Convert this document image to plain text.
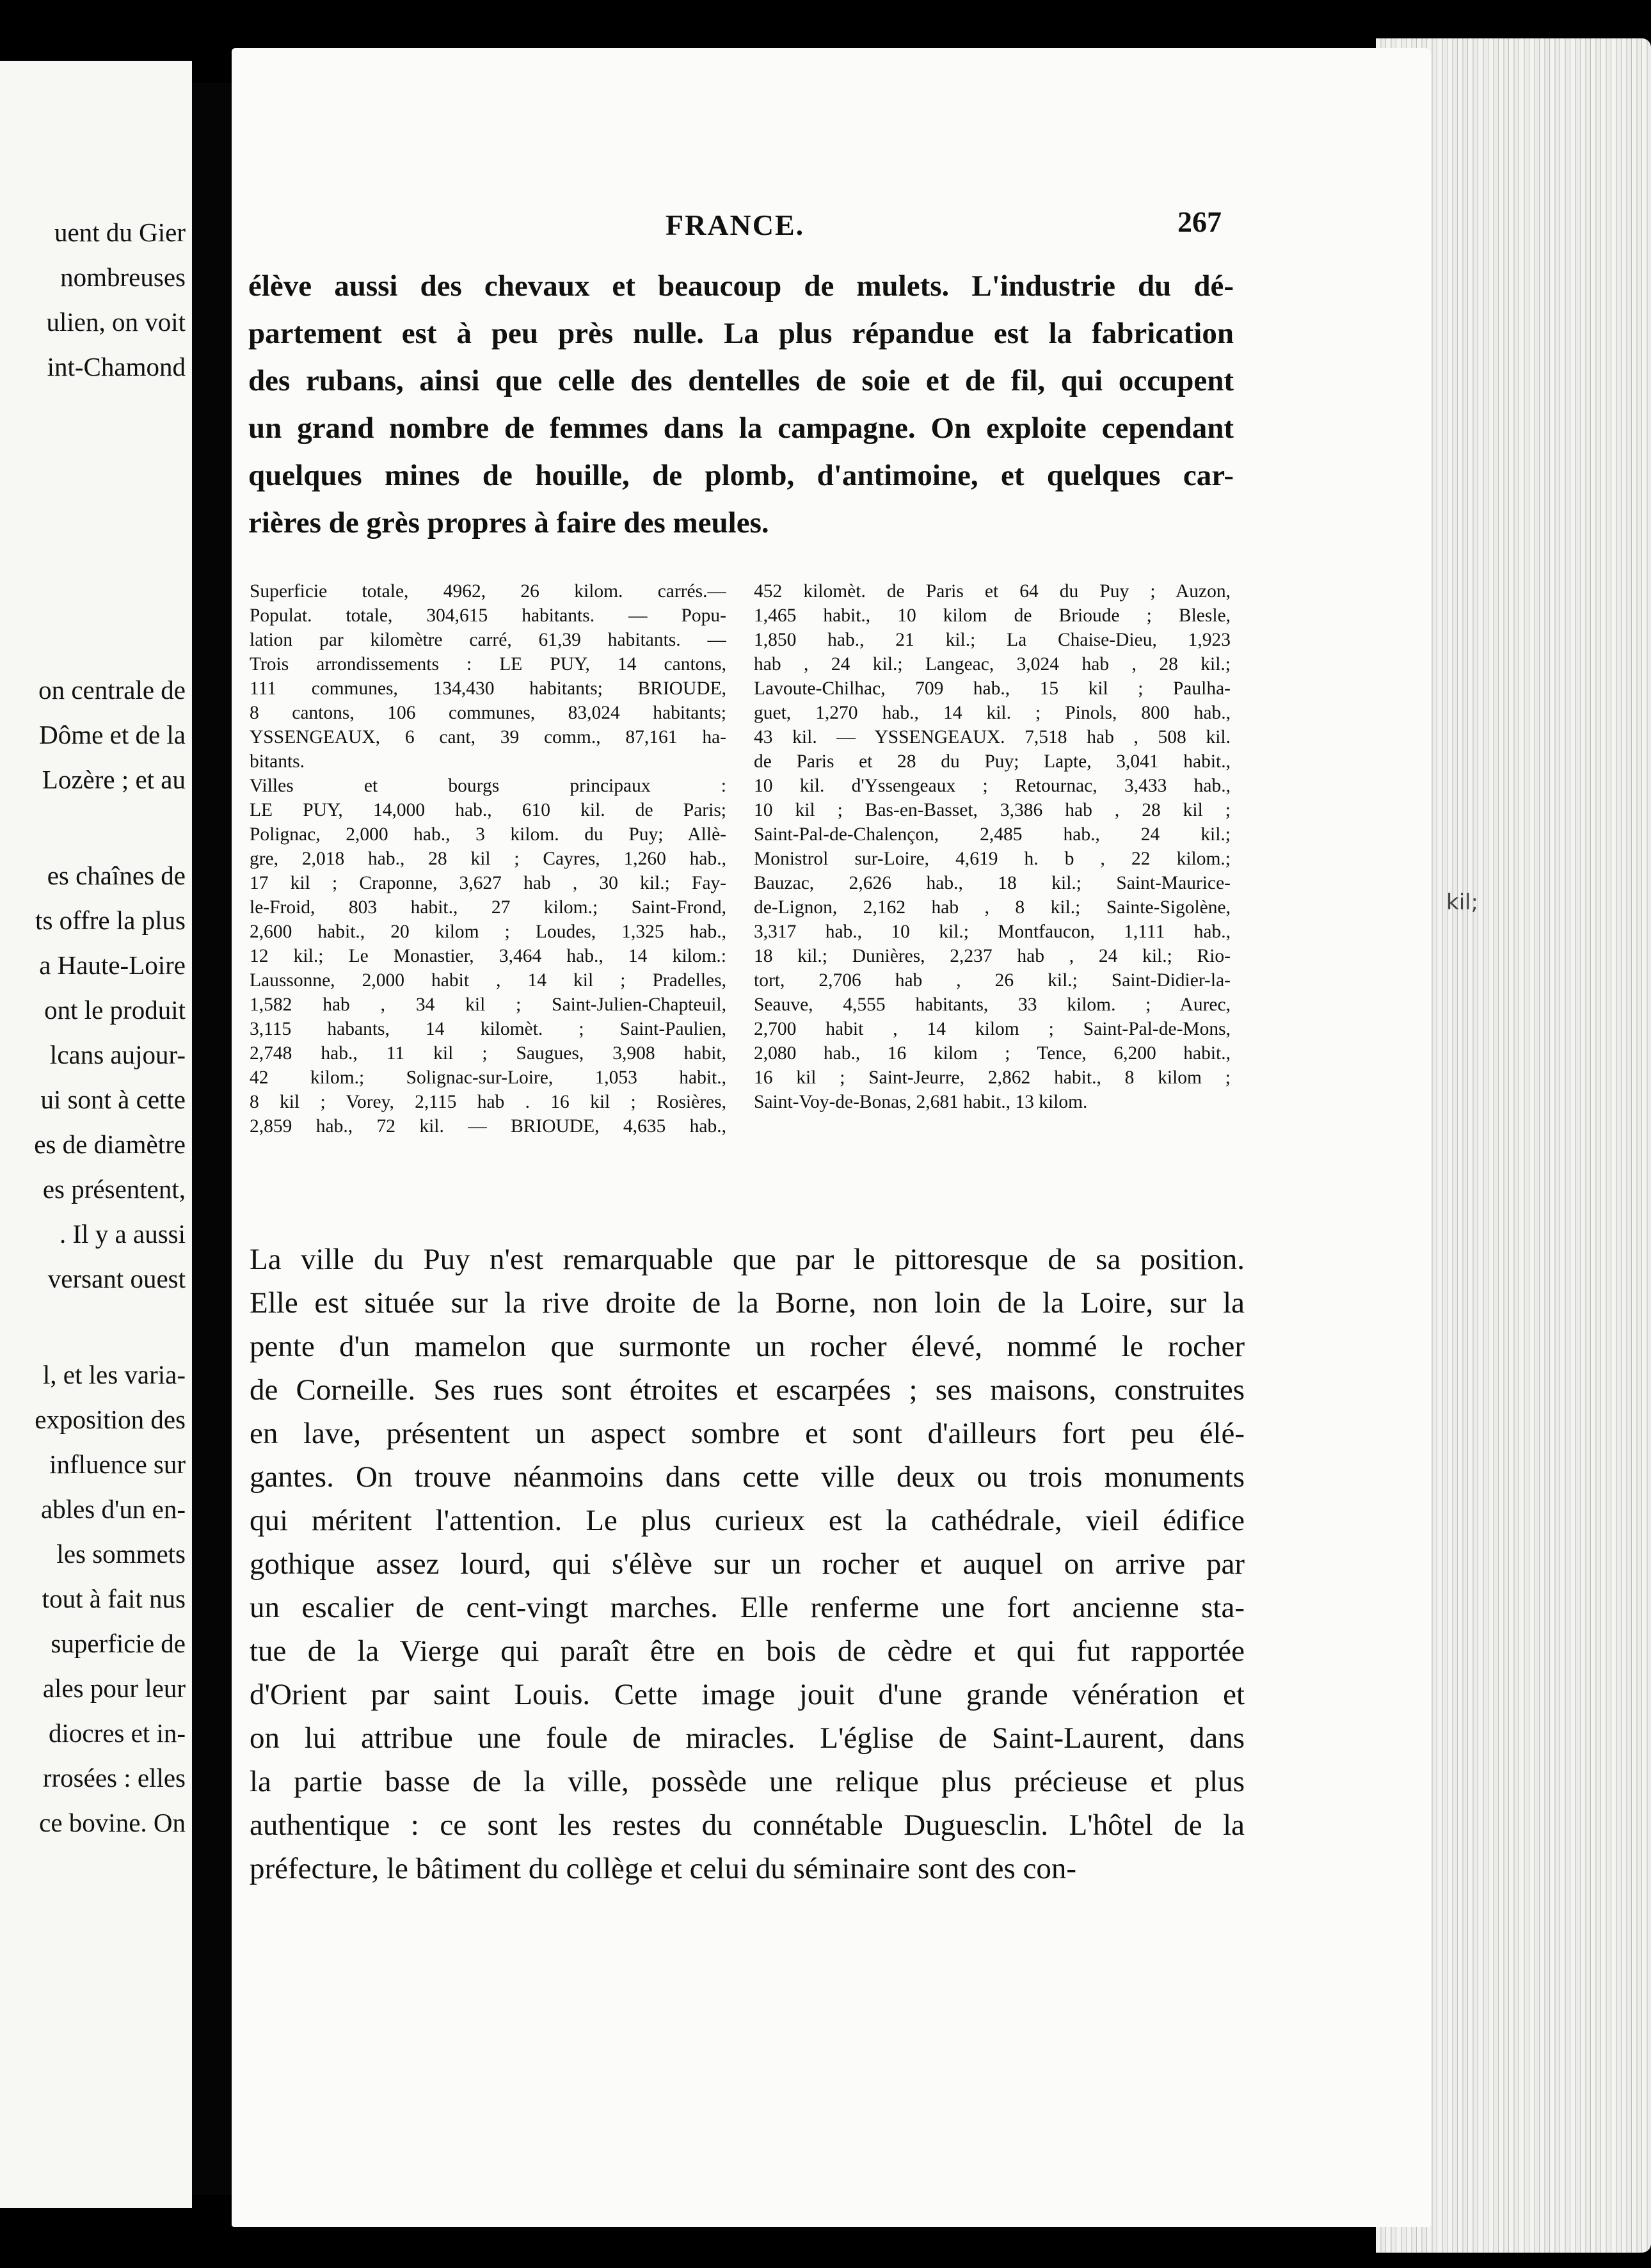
uent du Gier
nombreuses
ulien, on voit
int-Chamond
on centrale de
Dôme et de la
Lozère ; et au
es chaînes de
ts offre la plus
a Haute-Loire
ont le produit
lcans aujour-
ui sont à cette
es de diamètre
es présentent,
. Il y a aussi
versant ouest
l, et les varia-
exposition des
influence sur
ables d'un en-
les sommets
tout à fait nus
superficie de
ales pour leur
diocres et in-
rrosées : elles
ce bovine. On
kil;
FRANCE.	267
élève aussi des chevaux et beaucoup de mulets. L'industrie du dé-
partement est à peu près nulle. La plus répandue est la fabrication
des rubans, ainsi que celle des dentelles de soie et de fil, qui occupent
un grand nombre de femmes dans la campagne. On exploite cependant
quelques mines de houille, de plomb, d'antimoine, et quelques car-
rières de grès propres à faire des meules.
Superficie totale, 4962, 26 kilom. carrés.—
Populat. totale, 304,615 habitants. — Popu-
lation par kilomètre carré, 61,39 habitants. —
Trois arrondissements : LE PUY, 14 cantons,
111 communes, 134,430 habitants; BRIOUDE,
8 cantons, 106 communes, 83,024 habitants;
YSSENGEAUX, 6 cant, 39 comm., 87,161 ha-
bitants.
Villes et bourgs principaux :
LE PUY, 14,000 hab., 610 kil. de Paris;
Polignac, 2,000 hab., 3 kilom. du Puy; Allè-
gre, 2,018 hab., 28 kil ; Cayres, 1,260 hab.,
17 kil ; Craponne, 3,627 hab , 30 kil.; Fay-
le-Froid, 803 habit., 27 kilom.; Saint-Frond,
2,600 habit., 20 kilom ; Loudes, 1,325 hab.,
12 kil.; Le Monastier, 3,464 hab., 14 kilom.:
Laussonne, 2,000 habit , 14 kil ; Pradelles,
1,582 hab , 34 kil ; Saint-Julien-Chapteuil,
3,115 habants, 14 kilomèt. ; Saint-Paulien,
2,748 hab., 11 kil ; Saugues, 3,908 habit,
42 kilom.; Solignac-sur-Loire, 1,053 habit.,
8 kil ; Vorey, 2,115 hab . 16 kil ; Rosières,
2,859 hab., 72 kil. — BRIOUDE, 4,635 hab.,
452 kilomèt. de Paris et 64 du Puy ; Auzon,
1,465 habit., 10 kilom de Brioude ; Blesle,
1,850 hab., 21 kil.; La Chaise-Dieu, 1,923
hab , 24 kil.; Langeac, 3,024 hab , 28 kil.;
Lavoute-Chilhac, 709 hab., 15 kil ; Paulha-
guet, 1,270 hab., 14 kil. ; Pinols, 800 hab.,
43 kil. — YSSENGEAUX. 7,518 hab , 508 kil.
de Paris et 28 du Puy; Lapte, 3,041 habit.,
10 kil. d'Yssengeaux ; Retournac, 3,433 hab.,
10 kil ; Bas-en-Basset, 3,386 hab , 28 kil ;
Saint-Pal-de-Chalençon, 2,485 hab., 24 kil.;
Monistrol sur-Loire, 4,619 h. b , 22 kilom.;
Bauzac, 2,626 hab., 18 kil.; Saint-Maurice-
de-Lignon, 2,162 hab , 8 kil.; Sainte-Sigolène,
3,317 hab., 10 kil.; Montfaucon, 1,111 hab.,
18 kil.; Dunières, 2,237 hab , 24 kil.; Rio-
tort, 2,706 hab , 26 kil.; Saint-Didier-la-
Seauve, 4,555 habitants, 33 kilom. ; Aurec,
2,700 habit , 14 kilom ; Saint-Pal-de-Mons,
2,080 hab., 16 kilom ; Tence, 6,200 habit.,
16 kil ; Saint-Jeurre, 2,862 habit., 8 kilom ;
Saint-Voy-de-Bonas, 2,681 habit., 13 kilom.
La ville du Puy n'est remarquable que par le pittoresque de sa position.
Elle est située sur la rive droite de la Borne, non loin de la Loire, sur la
pente d'un mamelon que surmonte un rocher élevé, nommé le rocher
de Corneille. Ses rues sont étroites et escarpées ; ses maisons, construites
en lave, présentent un aspect sombre et sont d'ailleurs fort peu élé-
gantes. On trouve néanmoins dans cette ville deux ou trois monuments
qui méritent l'attention. Le plus curieux est la cathédrale, vieil édifice
gothique assez lourd, qui s'élève sur un rocher et auquel on arrive par
un escalier de cent-vingt marches. Elle renferme une fort ancienne sta-
tue de la Vierge qui paraît être en bois de cèdre et qui fut rapportée
d'Orient par saint Louis. Cette image jouit d'une grande vénération et
on lui attribue une foule de miracles. L'église de Saint-Laurent, dans
la partie basse de la ville, possède une relique plus précieuse et plus
authentique : ce sont les restes du connétable Duguesclin. L'hôtel de la
préfecture, le bâtiment du collège et celui du séminaire sont des con-
